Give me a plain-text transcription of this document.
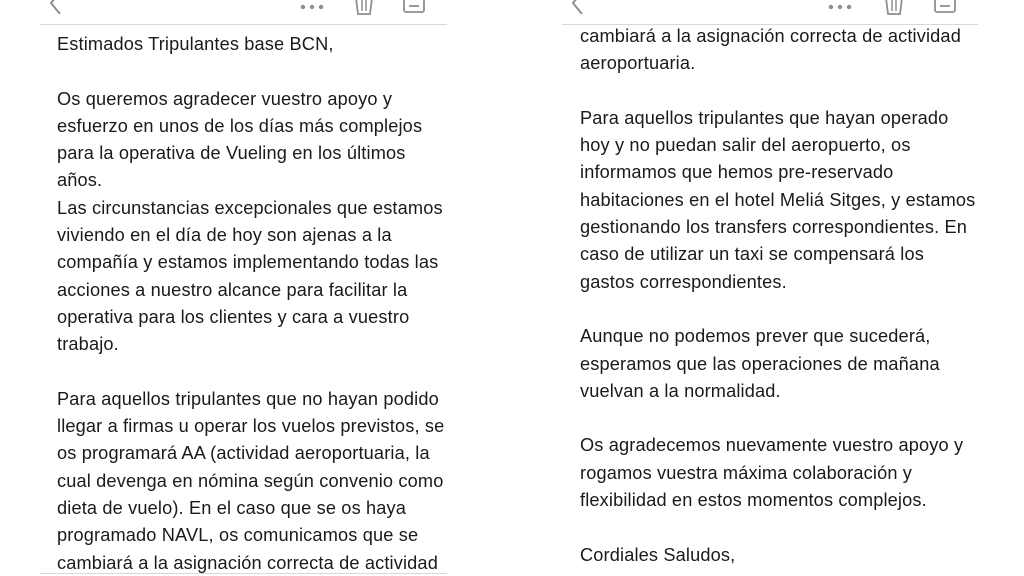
Estimados Tripulantes base BCN,
Os queremos agradecer vuestro apoyo y
esfuerzo en unos de los días más complejos
para la operativa de Vueling en los últimos
años.
Las circunstancias excepcionales que estamos
viviendo en el día de hoy son ajenas a la
compañía y estamos implementando todas las
acciones a nuestro alcance para facilitar la
operativa para los clientes y cara a vuestro
trabajo.
Para aquellos tripulantes que no hayan podido
llegar a firmas u operar los vuelos previstos, se
os programará AA (actividad aeroportuaria, la
cual devenga en nómina según convenio como
dieta de vuelo). En el caso que se os haya
programado NAVL, os comunicamos que se
cambiará a la asignación correcta de actividad
cambiará a la asignación correcta de actividad
aeroportuaria.
Para aquellos tripulantes que hayan operado
hoy y no puedan salir del aeropuerto, os
informamos que hemos pre-reservado
habitaciones en el hotel Meliá Sitges, y estamos
gestionando los transfers correspondientes. En
caso de utilizar un taxi se compensará los
gastos correspondientes.
Aunque no podemos prever que sucederá,
esperamos que las operaciones de mañana
vuelvan a la normalidad.
Os agradecemos nuevamente vuestro apoyo y
rogamos vuestra máxima colaboración y
flexibilidad en estos momentos complejos.
Cordiales Saludos,
